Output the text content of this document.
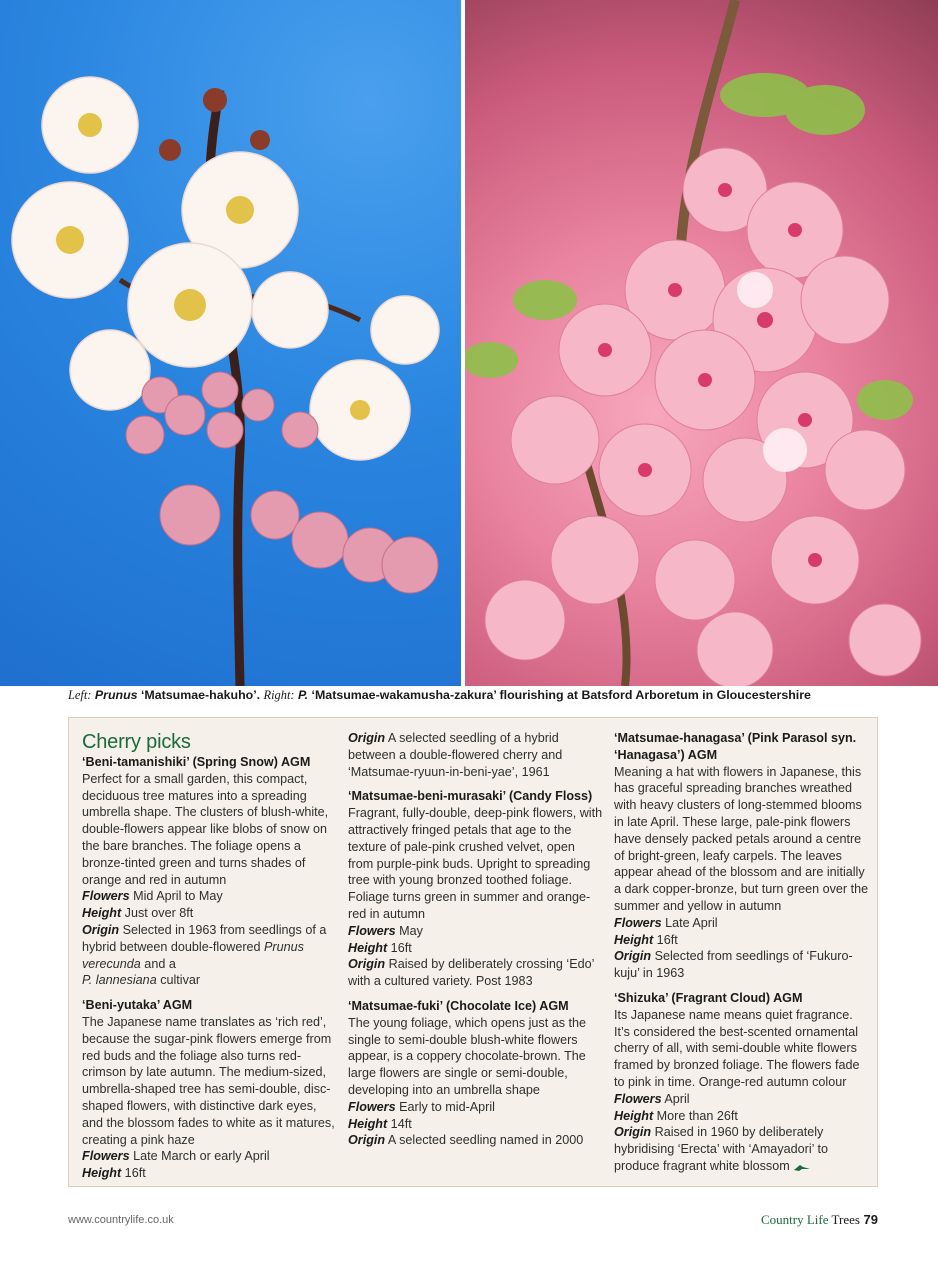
Left: Prunus ‘Matsumae-hakuho’. Right: P. ‘Matsumae-wakamusha-zakura’ flourishing at Batsford Arboretum in Gloucestershire
Cherry picks
‘Beni-tamanishiki’ (Spring Snow) AGM
Perfect for a small garden, this compact, deciduous tree matures into a spreading umbrella shape. The clusters of blush-white, double-flowers appear like blobs of snow on the bare branches. The foliage opens a bronze-tinted green and turns shades of orange and red in autumn
Flowers Mid April to May
Height Just over 8ft
Origin Selected in 1963 from seedlings of a hybrid between double-flowered Prunus verecunda and a
P. lannesiana cultivar
‘Beni-yutaka’ AGM
The Japanese name translates as ‘rich red’, because the sugar-pink flowers emerge from red buds and the foliage also turns red-crimson by late autumn. The medium-sized, umbrella-shaped tree has semi-double, disc-shaped flowers, with distinctive dark eyes, and the blossom fades to white as it matures, creating a pink haze
Flowers Late March or early April
Height 16ft
Origin A selected seedling of a hybrid between a double-flowered cherry and ‘Matsumae-ryuun-in-beni-yae’, 1961
‘Matsumae-beni-murasaki’ (Candy Floss)
Fragrant, fully-double, deep-pink flowers, with attractively fringed petals that age to the texture of pale-pink crushed velvet, open from purple-pink buds. Upright to spreading tree with young bronzed toothed foliage. Foliage turns green in summer and orange-red in autumn
Flowers May
Height 16ft
Origin Raised by deliberately crossing ‘Edo’ with a cultured variety. Post 1983
‘Matsumae-fuki’ (Chocolate Ice) AGM
The young foliage, which opens just as the single to semi-double blush-white flowers appear, is a coppery chocolate-brown. The large flowers are single or semi-double, developing into an umbrella shape
Flowers Early to mid-April
Height 14ft
Origin A selected seedling named in 2000
‘Matsumae-hanagasa’ (Pink Parasol syn. ‘Hanagasa’) AGM
Meaning a hat with flowers in Japanese, this has graceful spreading branches wreathed with heavy clusters of long-stemmed blooms in late April. These large, pale-pink flowers have densely packed petals around a centre of bright-green, leafy carpels. The leaves appear ahead of the blossom and are initially a dark copper-bronze, but turn green over the summer and yellow in autumn
Flowers Late April
Height 16ft
Origin Selected from seedlings of ‘Fukuro-kuju’ in 1963
‘Shizuka’ (Fragrant Cloud) AGM
Its Japanese name means quiet fragrance. It’s considered the best-scented ornamental cherry of all, with semi-double white flowers framed by bronzed foliage. The flowers fade to pink in time. Orange-red autumn colour
Flowers April
Height More than 26ft
Origin Raised in 1960 by deliberately hybridising ‘Erecta’ with ‘Amayadori’ to produce fragrant white blossom
www.countrylife.co.uk	Country Life Trees 79
